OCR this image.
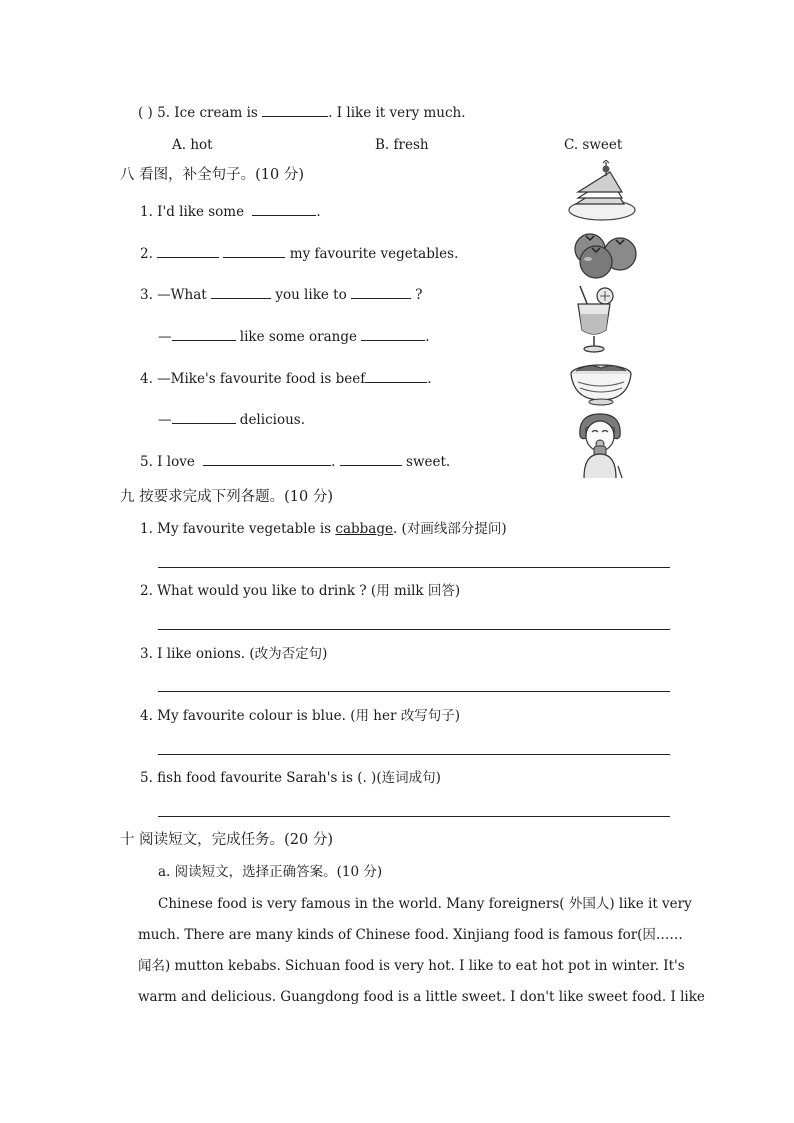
( ) 5. Ice cream is	. I like it very much.
A. hot	B. fresh	C. sweet
八 看图，补全句子。(10 分)
1. I'd like some	.
2.	my favourite vegetables.
3. —What	you like to	?
—	like some orange	.
4. —Mike's favourite food is beef	.
—	delicious.
5. I love	.	sweet.
九 按要求完成下列各题。(10 分)
1. My favourite vegetable is cabbage. (对画线部分提问)
2. What would you like to drink ? (用 milk 回答)
3. I like onions. (改为否定句)
4. My favourite colour is blue. (用 her 改写句子)
5. fish food favourite Sarah's is (. )(连词成句)
十 阅读短文，完成任务。(20 分)
a. 阅读短文，选择正确答案。(10 分)
Chinese food is very famous in the world. Many foreigners( 外国人) like it very
much. There are many kinds of Chinese food. Xinjiang food is famous for(因……
闻名) mutton kebabs. Sichuan food is very hot. I like to eat hot pot in winter. It's
warm and delicious. Guangdong food is a little sweet. I don't like sweet food. I like
